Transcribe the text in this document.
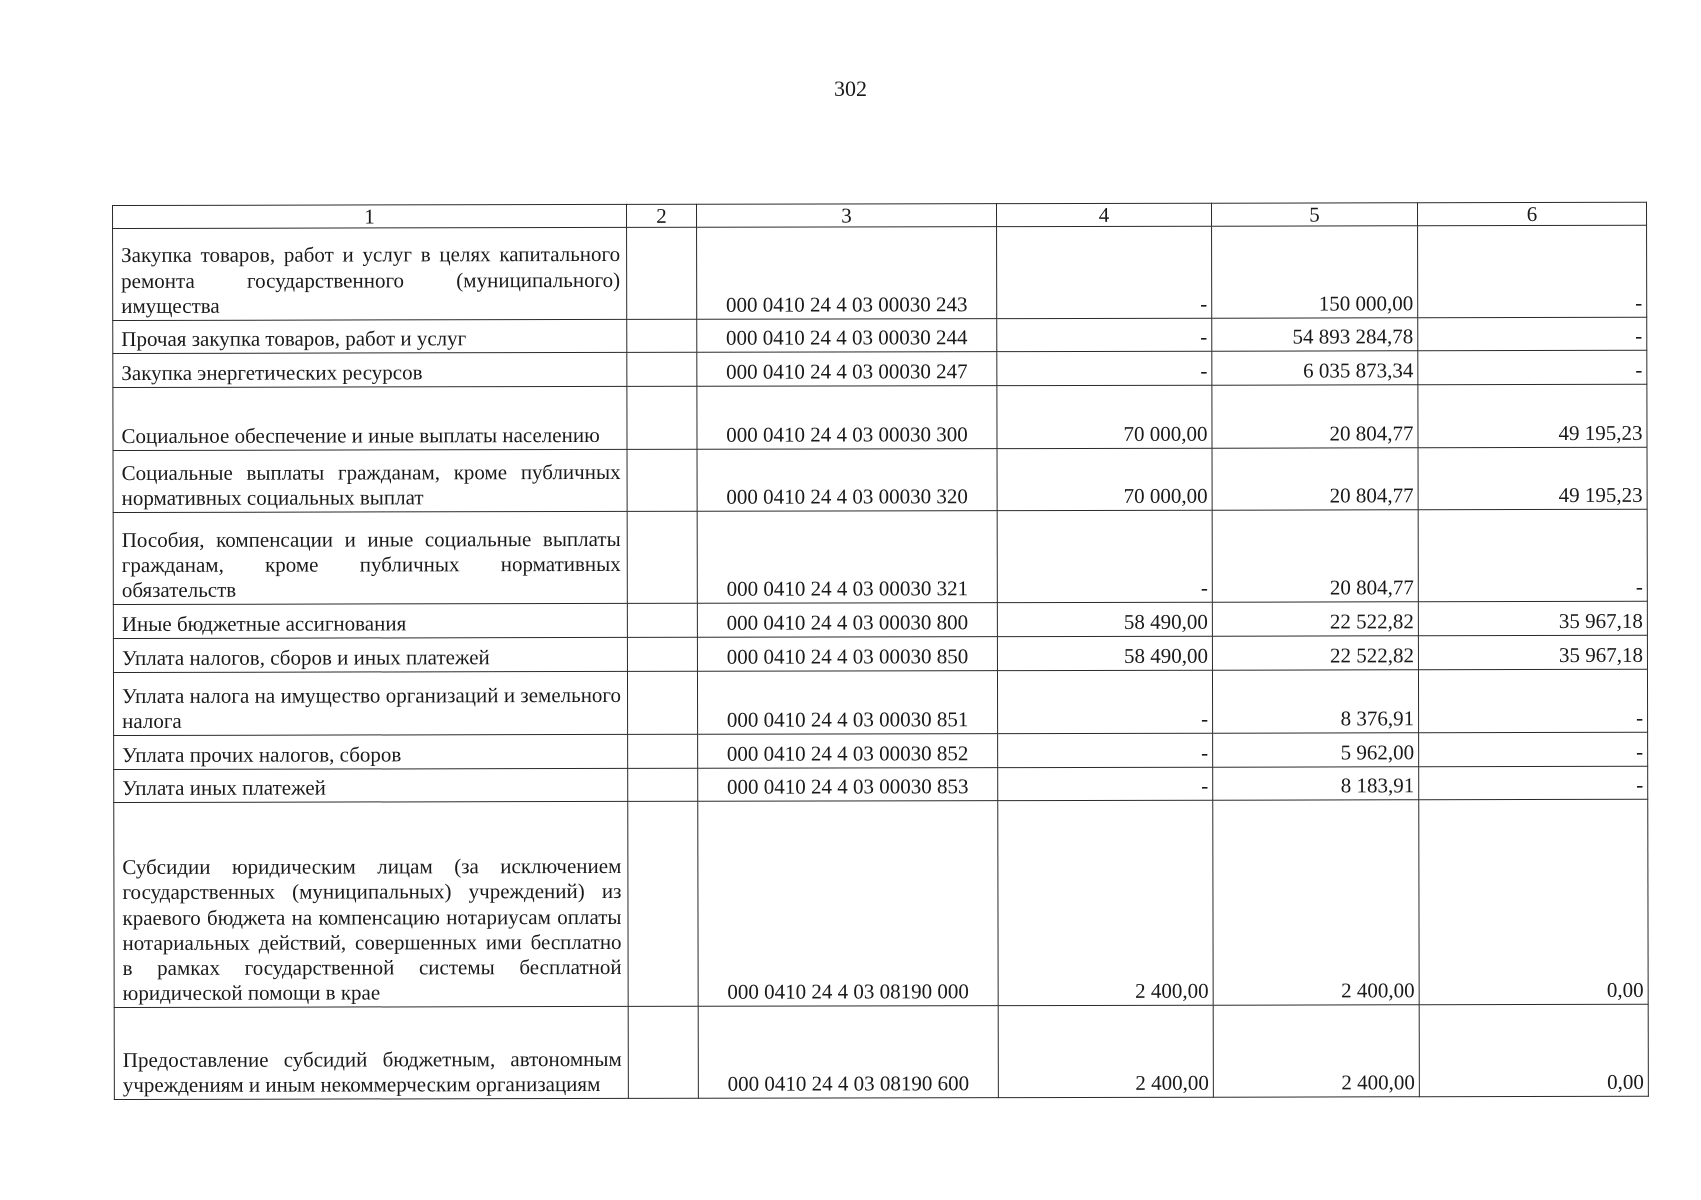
302
1	2	3	4	5	6
Закупка товаров, работ и услуг в целях капитального ремонта государственного (муниципального) имущества		000 0410 24 4 03 00030 243	-	150 000,00	-
Прочая закупка товаров, работ и услуг		000 0410 24 4 03 00030 244	-	54 893 284,78	-
Закупка энергетических ресурсов		000 0410 24 4 03 00030 247	-	6 035 873,34	-
Социальное обеспечение и иные выплаты населению		000 0410 24 4 03 00030 300	70 000,00	20 804,77	49 195,23
Социальные выплаты гражданам, кроме публичных нормативных социальных выплат		000 0410 24 4 03 00030 320	70 000,00	20 804,77	49 195,23
Пособия, компенсации и иные социальные выплаты гражданам, кроме публичных нормативных обязательств		000 0410 24 4 03 00030 321	-	20 804,77	-
Иные бюджетные ассигнования		000 0410 24 4 03 00030 800	58 490,00	22 522,82	35 967,18
Уплата налогов, сборов и иных платежей		000 0410 24 4 03 00030 850	58 490,00	22 522,82	35 967,18
Уплата налога на имущество организаций и земельного налога		000 0410 24 4 03 00030 851	-	8 376,91	-
Уплата прочих налогов, сборов		000 0410 24 4 03 00030 852	-	5 962,00	-
Уплата иных платежей		000 0410 24 4 03 00030 853	-	8 183,91	-
Субсидии юридическим лицам (за исключением государственных (муниципальных) учреждений) из краевого бюджета на компенсацию нотариусам оплаты нотариальных действий, совершенных ими бесплатно в рамках государственной системы бесплатной юридической помощи в крае		000 0410 24 4 03 08190 000	2 400,00	2 400,00	0,00
Предоставление субсидий бюджетным, автономным учреждениям и иным некоммерческим организациям		000 0410 24 4 03 08190 600	2 400,00	2 400,00	0,00
